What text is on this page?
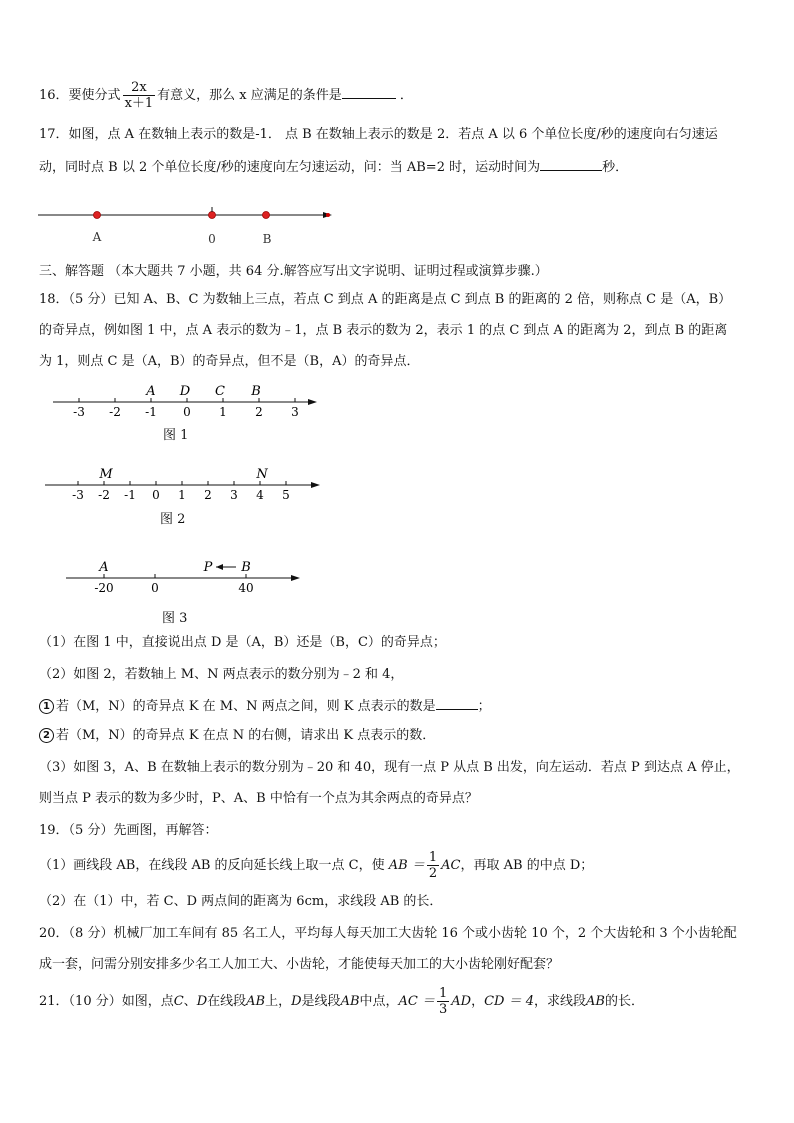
16．要使分式 $\frac{2x}{x+1}$ 有意义，那么 x 应满足的条件是	．
17．如图，点 A 在数轴上表示的数是-1． 点 B 在数轴上表示的数是 2．若点 A 以 6 个单位长度/秒的速度向右匀速运
动，同时点 B 以 2 个单位长度/秒的速度向左匀速运动，问：当 AB=2 时，运动时间为	秒．
A	0	B
三、解答题 （本大题共 7 小题，共 64 分.解答应写出文字说明、证明过程或演算步骤.）
18．（5 分）已知 A、B、C 为数轴上三点，若点 C 到点 A 的距离是点 C 到点 B 的距离的 2 倍，则称点 C 是（A，B）
的奇异点，例如图 1 中，点 A 表示的数为﹣1，点 B 表示的数为 2，表示 1 的点 C 到点 A 的距离为 2，到点 B 的距离
为 1，则点 C 是（A，B）的奇异点，但不是（B，A）的奇异点．
-3 -2 -1 0 1 2 3
A D C B
图 1
-3 -2 -1 0 1 2 3 4 5
M	N
图 2
A	P B
-20	0	40
图 3
（1）在图 1 中，直接说出点 D 是（A，B）还是（B，C）的奇异点；
（2）如图 2，若数轴上 M、N 两点表示的数分别为﹣2 和 4，
1 若（M，N）的奇异点 K 在 M、N 两点之间，则 K 点表示的数是	；
2 若（M，N）的奇异点 K 在点 N 的右侧，请求出 K 点表示的数．
（3）如图 3，A、B 在数轴上表示的数分别为﹣20 和 40，现有一点 P 从点 B 出发，向左运动．若点 P 到达点 A 停止，
则当点 P 表示的数为多少时，P、A、B 中恰有一个点为其余两点的奇异点？
19．（5 分）先画图，再解答：
（1）画线段 AB，在线段 AB 的反向延长线上取一点 C，使 AB ＝ $\frac{1}{2}$ AC，再取 AB 的中点 D；
（2）在（1）中，若 C、D 两点间的距离为 6cm，求线段 AB 的长．
20．（8 分）机械厂加工车间有 85 名工人，平均每人每天加工大齿轮 16 个或小齿轮 10 个，2 个大齿轮和 3 个小齿轮配
成一套，问需分别安排多少名工人加工大、小齿轮，才能使每天加工的大小齿轮刚好配套？
21．（10 分）如图，点C、D在线段AB上，D是线段AB中点，AC ＝ $\frac{1}{3}$ AD，CD ＝ 4，求线段AB的长．
